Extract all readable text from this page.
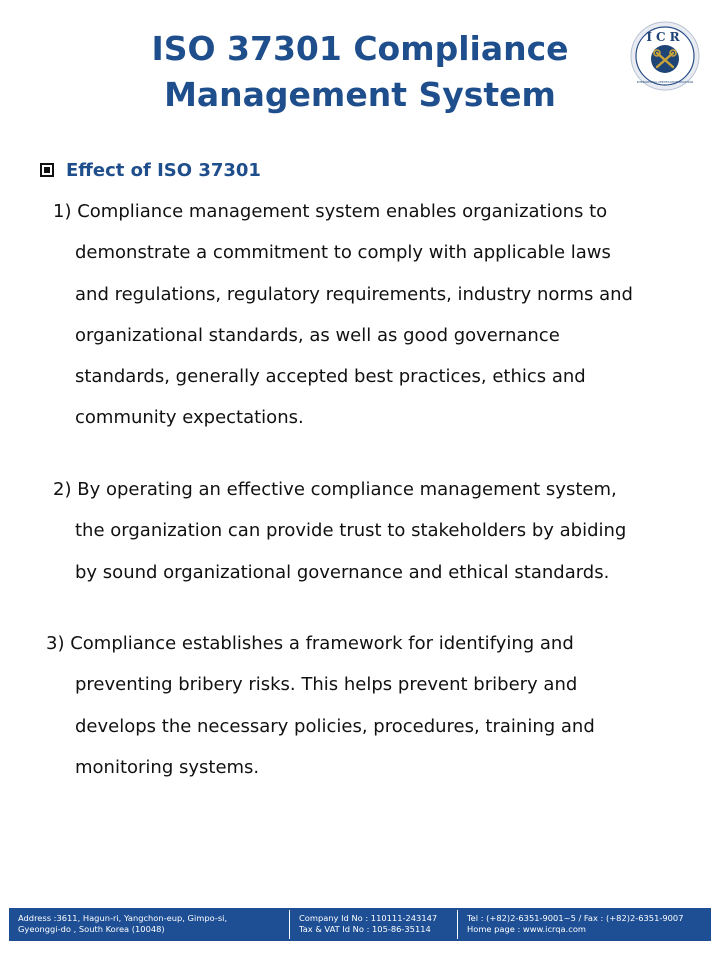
ISO 37301 Compliance
Management System
ICR
INTERNATIONAL CERTIFICATION REGISTRAR
Effect of ISO 37301
1) Compliance management system enables organizations to
demonstrate a commitment to comply with applicable laws
and regulations, regulatory requirements, industry norms and
organizational standards, as well as good governance
standards, generally accepted best practices, ethics and
community expectations.
2) By operating an effective compliance management system,
the organization can provide trust to stakeholders by abiding
by sound organizational governance and ethical standards.
3) Compliance establishes a framework for identifying and
preventing bribery risks. This helps prevent bribery and
develops the necessary policies, procedures, training and
monitoring systems.
Address :3611, Hagun-ri, Yangchon-eup, Gimpo-si,
Gyeonggi-do , South Korea (10048)
Company Id No : 110111-243147
Tax & VAT Id No : 105-86-35114
Tel : (+82)2-6351-9001~5 / Fax : (+82)2-6351-9007
Home page : www.icrqa.com
